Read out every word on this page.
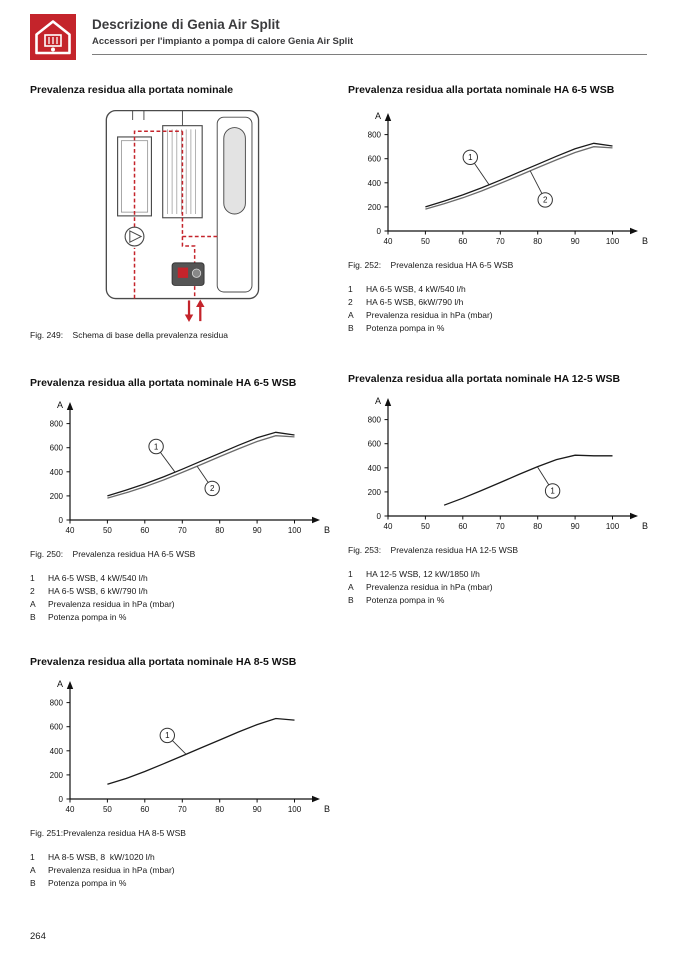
Descrizione di Genia Air Split
Accessori per l'impianto a pompa di calore Genia Air Split
Prevalenza residua alla portata nominale
Fig. 249:    Schema di base della prevalenza residua
Prevalenza residua alla portata nominale HA 6-5 WSB
40	50	60	70	80	90	100
0
200
400
600
800
A
B
1
2
Fig. 250:    Prevalenza residua HA 6-5 WSB
1	HA 6-5 WSB, 4 kW/540 l/h
2	HA 6-5 WSB, 6 kW/790 l/h
A	Prevalenza residua in hPa (mbar)
B	Potenza pompa in %
Prevalenza residua alla portata nominale HA 8-5 WSB
40	50	60	70	80	90	100
0
200
400
600
800
A
B
1
Fig. 251:Prevalenza residua HA 8-5 WSB
1	HA 8-5 WSB, 8  kW/1020 l/h
A	Prevalenza residua in hPa (mbar)
B	Potenza pompa in %
Prevalenza residua alla portata nominale HA 6-5 WSB
40	50	60	70	80	90	100
0
200
400
600
800
A
B
1
2
Fig. 252:    Prevalenza residua HA 6-5 WSB
1	HA 6-5 WSB, 4 kW/540 l/h
2	HA 6-5 WSB, 6kW/790 l/h
A	Prevalenza residua in hPa (mbar)
B	Potenza pompa in %
Prevalenza residua alla portata nominale HA 12-5 WSB
40	50	60	70	80	90	100
0
200
400
600
800
A
B
1
Fig. 253:    Prevalenza residua HA 12-5 WSB
1	HA 12-5 WSB, 12 kW/1850 l/h
A	Prevalenza residua in hPa (mbar)
B	Potenza pompa in %
264
